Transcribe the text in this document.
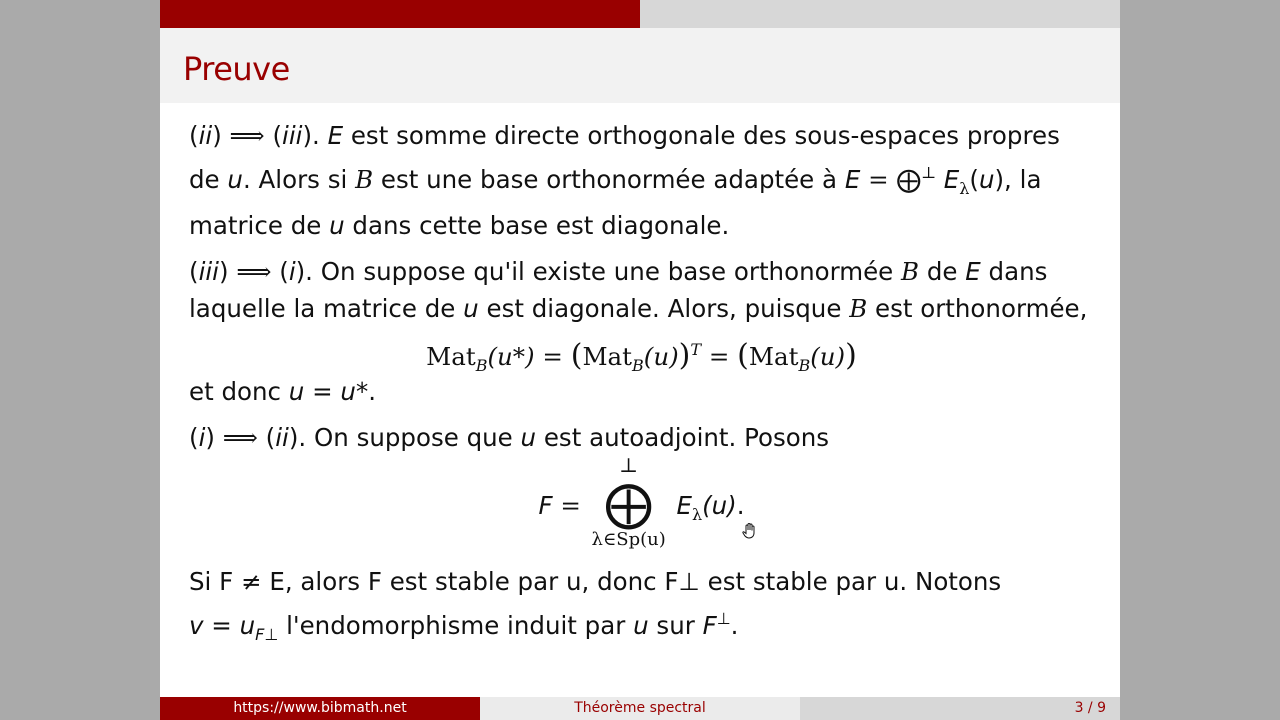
Preuve
(ii) ⟹ (iii). E est somme directe orthogonale des sous-espaces propres
de u. Alors si B est une base orthonormée adaptée à E = ⨁⊥ $E_\lambda(u)$, la
matrice de u dans cette base est diagonale.
(iii) ⟹ (i). On suppose qu'il existe une base orthonormée B de E dans
laquelle la matrice de u est diagonale. Alors, puisque B est orthonormée,
$Mat_B(u*) = (Mat_B(u))^T = (Mat_B(u))$
et donc u = u*.
(i) ⟹ (ii). On suppose que u est autoadjoint. Posons
F =
⊥
⨁
λ∈Sp(u)
$E_\lambda(u)$.
Si F ≠ E, alors F est stable par u, donc F⊥ est stable par u. Notons
$v = u_{F\perp}$ l'endomorphisme induit par u sur F⊥.
https://www.bibmath.net	Théorème spectral	3 / 9
